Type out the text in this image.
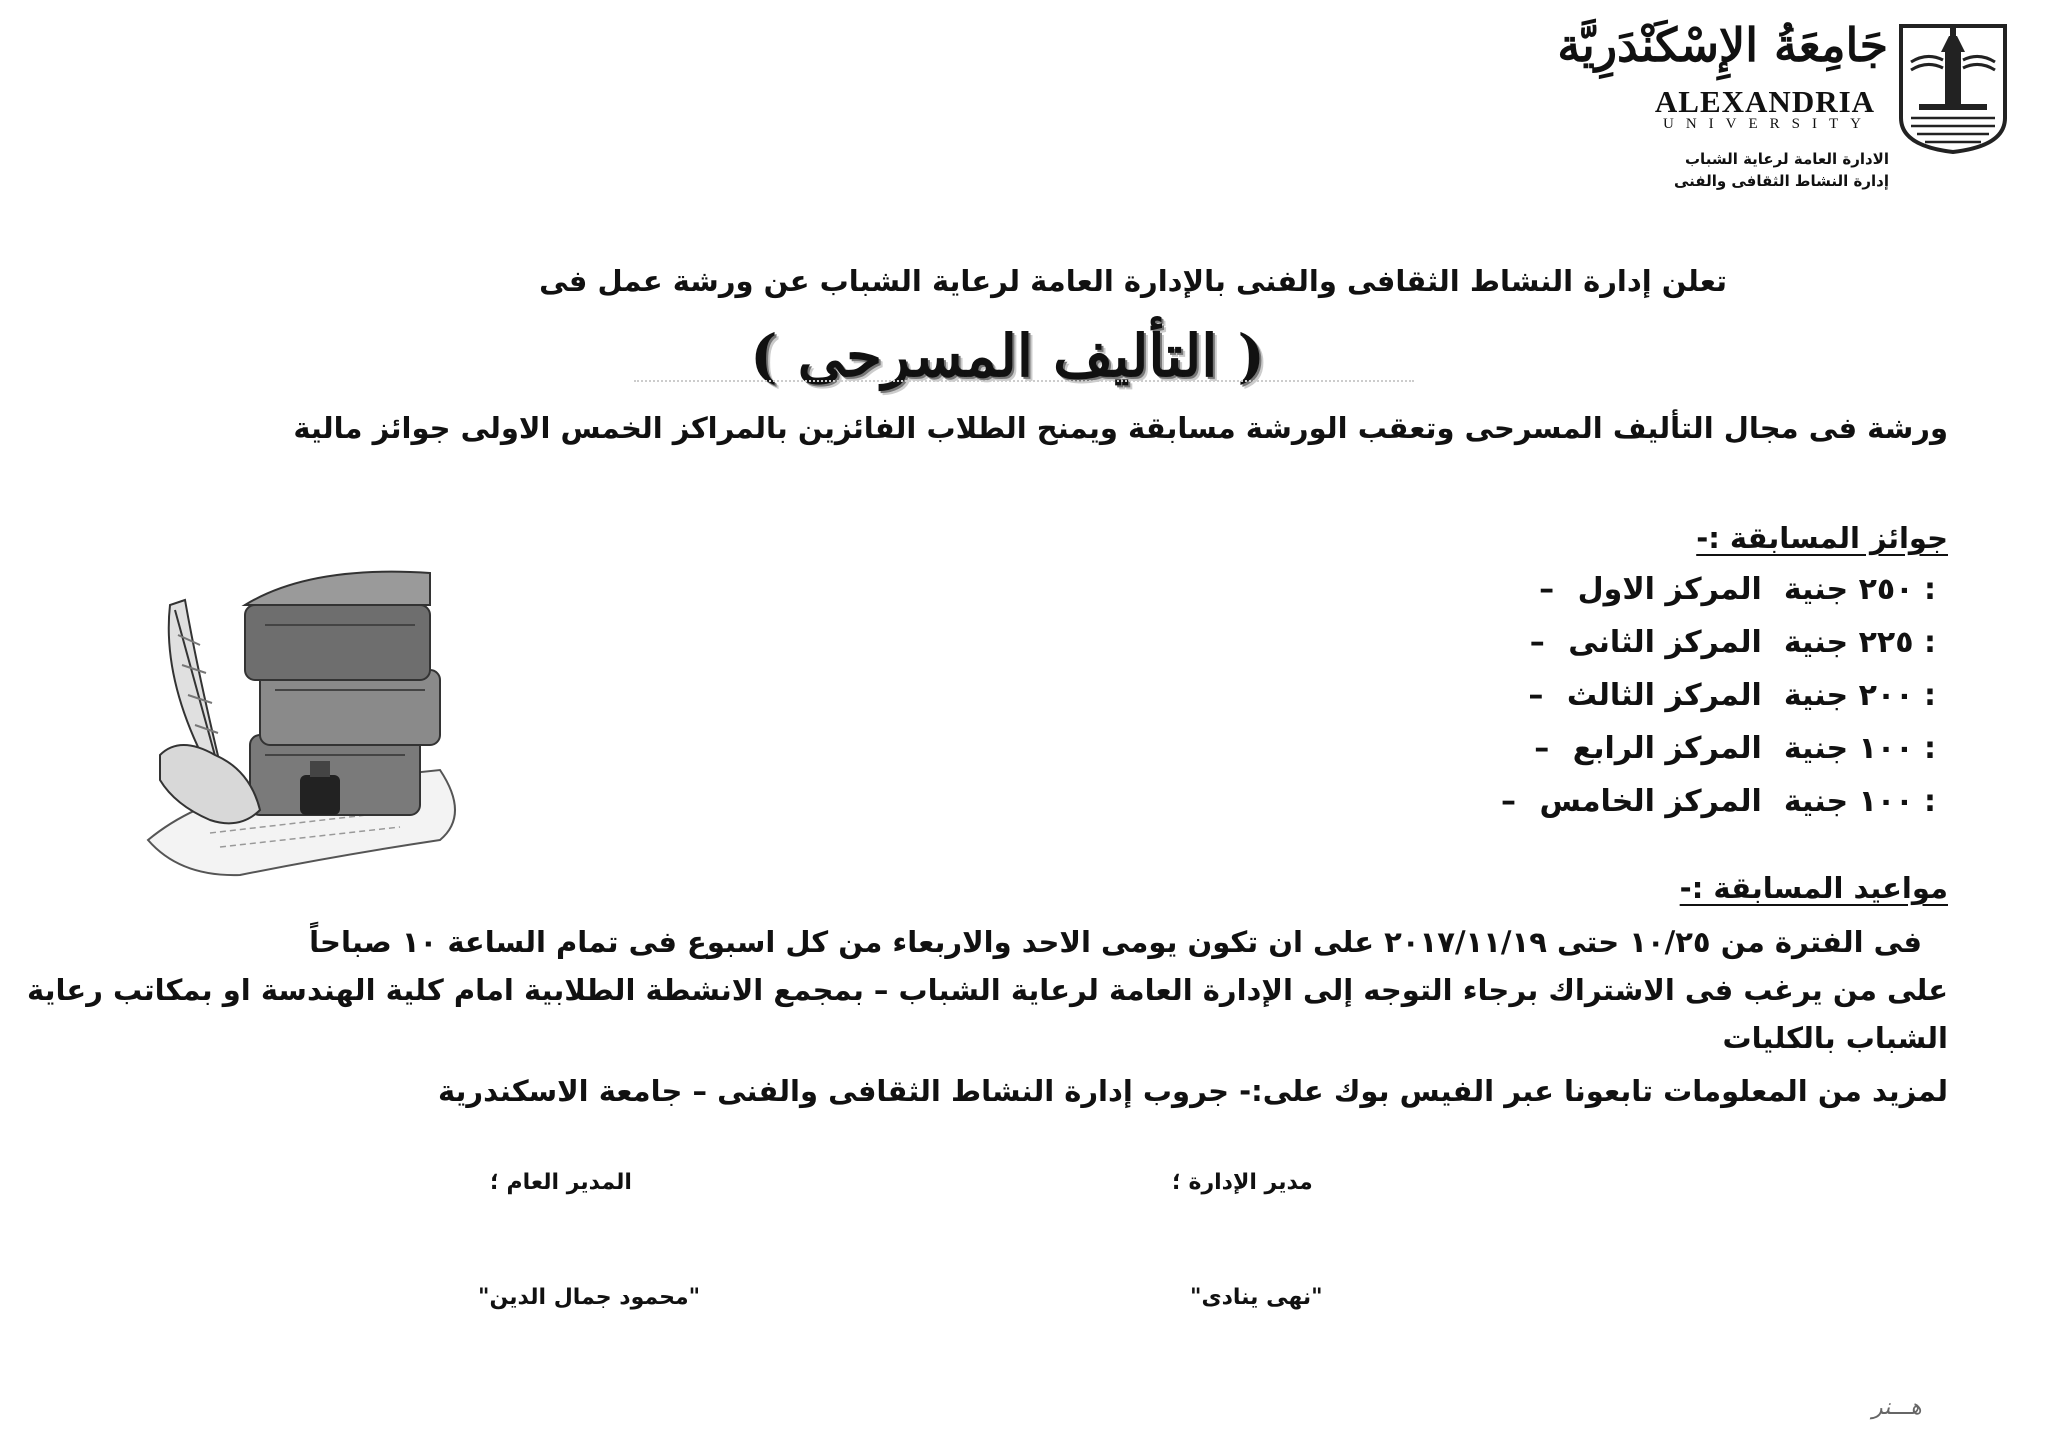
جَامِعَةُ الإِسْكَنْدَرِيَّة
ALEXANDRIA
UNIVERSITY
الادارة العامة لرعاية الشباب
إدارة النشاط الثقافى والفنى
تعلن إدارة النشاط الثقافى والفنى بالإدارة العامة لرعاية الشباب عن ورشة عمل فى
( التأليف المسرحى )
ورشة فى مجال التأليف المسرحى وتعقب الورشة مسابقة ويمنح الطلاب الفائزين بالمراكز الخمس الاولى جوائز مالية
جوائز المسابقة :-
– المركز الاول : ٢٥٠ جنية
– المركز الثانى : ٢٢٥ جنية
– المركز الثالث : ٢٠٠ جنية
– المركز الرابع : ١٠٠ جنية
– المركز الخامس : ١٠٠ جنية
مواعيد المسابقة :-
فى الفترة من ١٠/٢٥ حتى ٢٠١٧/١١/١٩ على ان تكون يومى الاحد والاربعاء من كل اسبوع فى تمام الساعة ١٠ صباحاً
على من يرغب فى الاشتراك برجاء التوجه إلى الإدارة العامة لرعاية الشباب – بمجمع الانشطة الطلابية امام كلية الهندسة او بمكاتب رعاية
الشباب بالكليات
لمزيد من المعلومات تابعونا عبر الفيس بوك على:- جروب إدارة النشاط الثقافى والفنى – جامعة الاسكندرية
مدير الإدارة ؛
"نهى ينادى"
المدير العام ؛
"محمود جمال الدين"
هـــنر
